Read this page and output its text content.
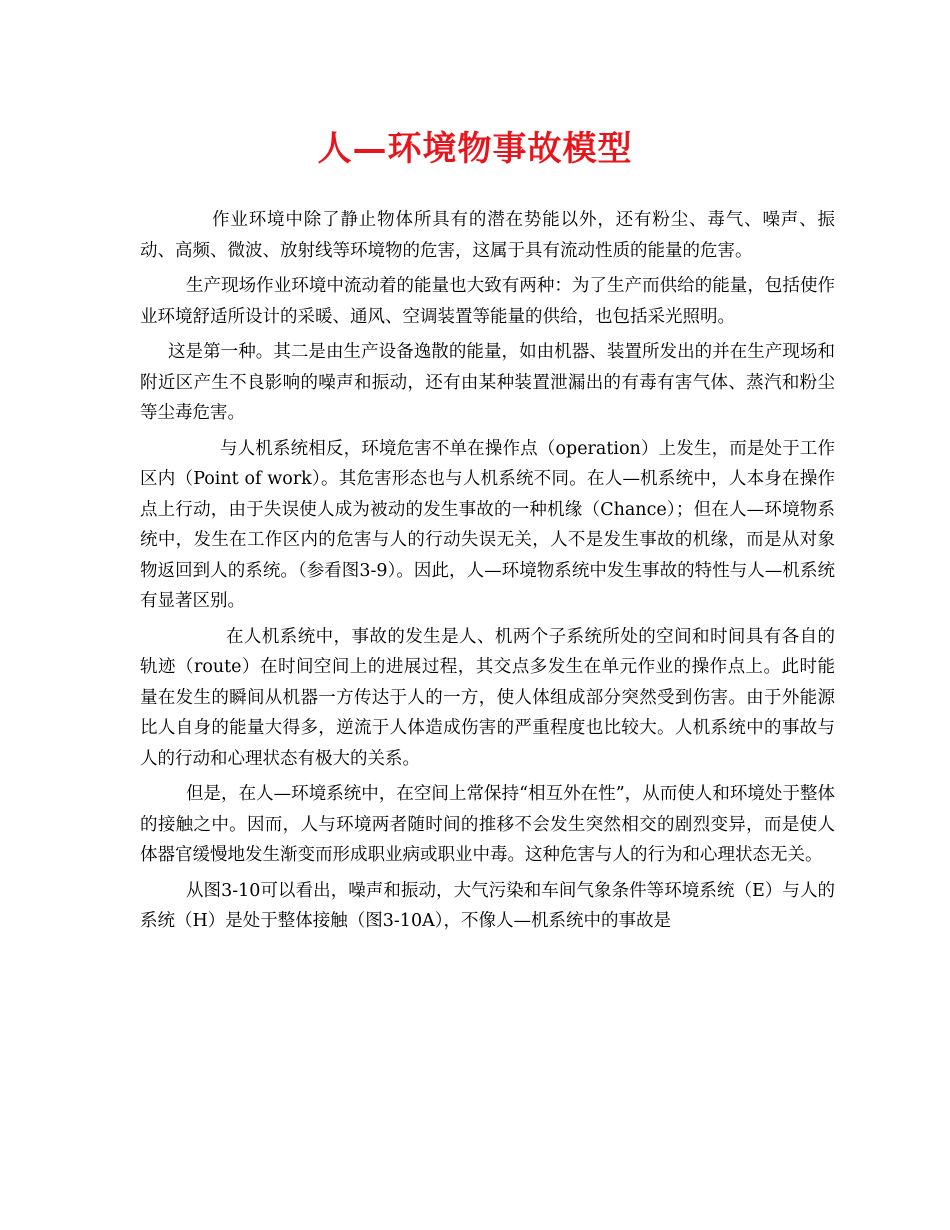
人—环境物事故模型

作业环境中除了静止物体所具有的潜在势能以外，还有粉尘、毒气、噪声、振动、高频、微波、放射线等环境物的危害，这属于具有流动性质的能量的危害。

生产现场作业环境中流动着的能量也大致有两种：为了生产而供给的能量，包括使作业环境舒适所设计的采暖、通风、空调装置等能量的供给，也包括采光照明。

这是第一种。其二是由生产设备逸散的能量，如由机器、装置所发出的并在生产现场和附近区产生不良影响的噪声和振动，还有由某种装置泄漏出的有毒有害气体、蒸汽和粉尘等尘毒危害。

与人机系统相反，环境危害不单在操作点（operation）上发生，而是处于工作区内（Point of work）。其危害形态也与人机系统不同。在人—机系统中，人本身在操作点上行动，由于失误使人成为被动的发生事故的一种机缘（Chance）；但在人—环境物系统中，发生在工作区内的危害与人的行动失误无关，人不是发生事故的机缘，而是从对象物返回到人的系统。（参看图3-9）。因此，人—环境物系统中发生事故的特性与人—机系统有显著区别。

在人机系统中，事故的发生是人、机两个子系统所处的空间和时间具有各自的轨迹（route）在时间空间上的进展过程，其交点多发生在单元作业的操作点上。此时能量在发生的瞬间从机器一方传达于人的一方，使人体组成部分突然受到伤害。由于外能源比人自身的能量大得多，逆流于人体造成伤害的严重程度也比较大。人机系统中的事故与人的行动和心理状态有极大的关系。

但是，在人—环境系统中，在空间上常保持“相互外在性”，从而使人和环境处于整体的接触之中。因而，人与环境两者随时间的推移不会发生突然相交的剧烈变异，而是使人体器官缓慢地发生渐变而形成职业病或职业中毒。这种危害与人的行为和心理状态无关。

从图3-10可以看出，噪声和振动，大气污染和车间气象条件等环境系统（E）与人的系统（H）是处于整体接触（图3-10A），不像人—机系统中的事故是
